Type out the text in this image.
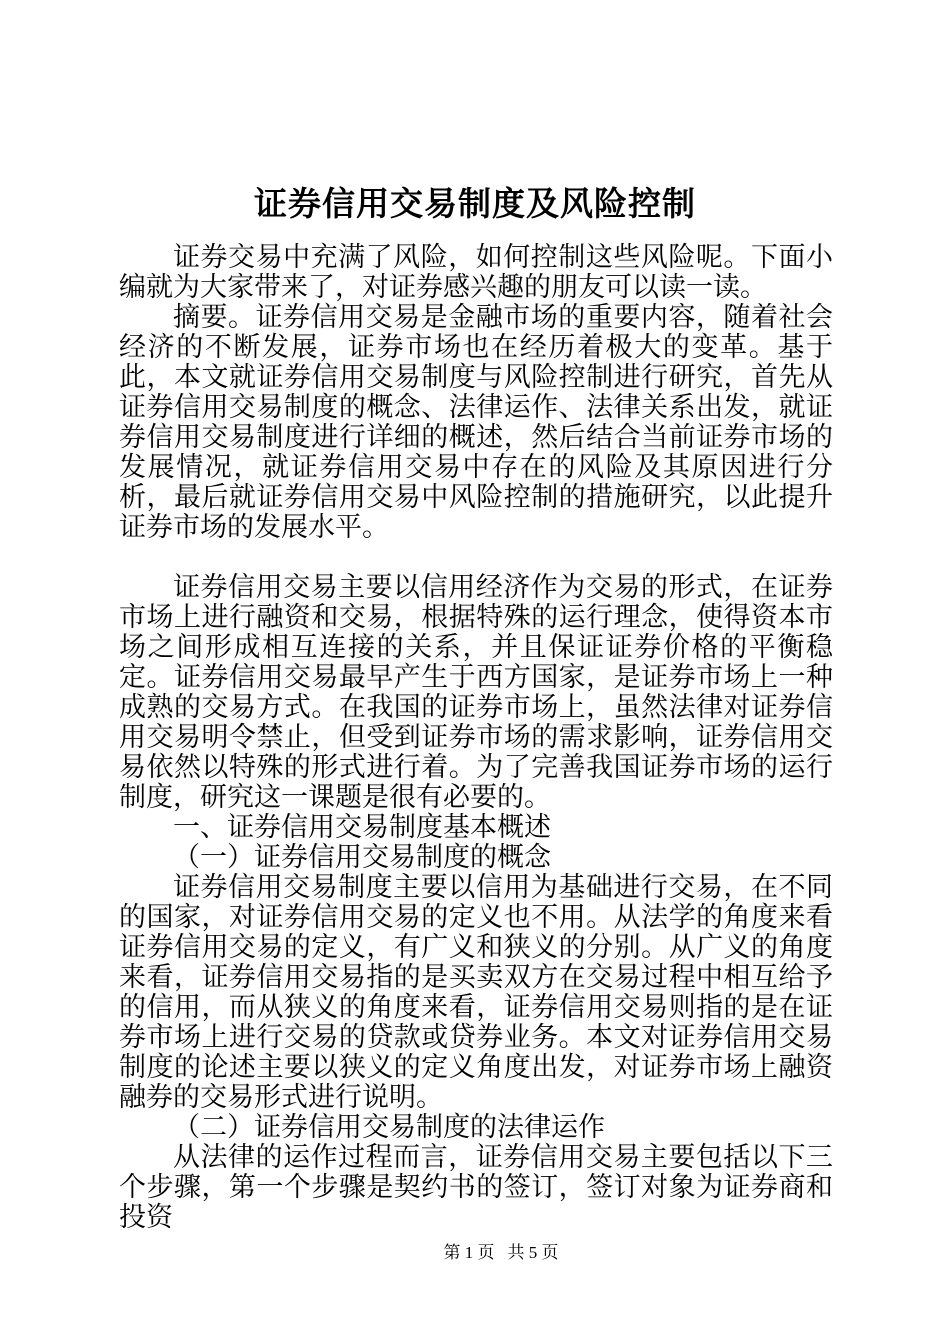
证券信用交易制度及风险控制

证券交易中充满了风险，如何控制这些风险呢。下面小编就为大家带来了，对证券感兴趣的朋友可以读一读。

摘要。证券信用交易是金融市场的重要内容，随着社会经济的不断发展，证券市场也在经历着极大的变革。基于此，本文就证券信用交易制度与风险控制进行研究，首先从证券信用交易制度的概念、法律运作、法律关系出发，就证券信用交易制度进行详细的概述，然后结合当前证券市场的发展情况，就证券信用交易中存在的风险及其原因进行分析，最后就证券信用交易中风险控制的措施研究，以此提升证券市场的发展水平。

证券信用交易主要以信用经济作为交易的形式，在证券市场上进行融资和交易，根据特殊的运行理念，使得资本市场之间形成相互连接的关系，并且保证证券价格的平衡稳定。证券信用交易最早产生于西方国家，是证券市场上一种成熟的交易方式。在我国的证券市场上，虽然法律对证券信用交易明令禁止，但受到证券市场的需求影响，证券信用交易依然以特殊的形式进行着。为了完善我国证券市场的运行制度，研究这一课题是很有必要的。

一、证券信用交易制度基本概述

（一）证券信用交易制度的概念

证券信用交易制度主要以信用为基础进行交易，在不同的国家，对证券信用交易的定义也不用。从法学的角度来看证券信用交易的定义，有广义和狭义的分别。从广义的角度来看，证券信用交易指的是买卖双方在交易过程中相互给予的信用，而从狭义的角度来看，证券信用交易则指的是在证券市场上进行交易的贷款或贷券业务。本文对证券信用交易制度的论述主要以狭义的定义角度出发，对证券市场上融资融券的交易形式进行说明。

（二）证券信用交易制度的法律运作

从法律的运作过程而言，证券信用交易主要包括以下三个步骤，第一个步骤是契约书的签订，签订对象为证券商和投资

第 1 页 共 5 页
